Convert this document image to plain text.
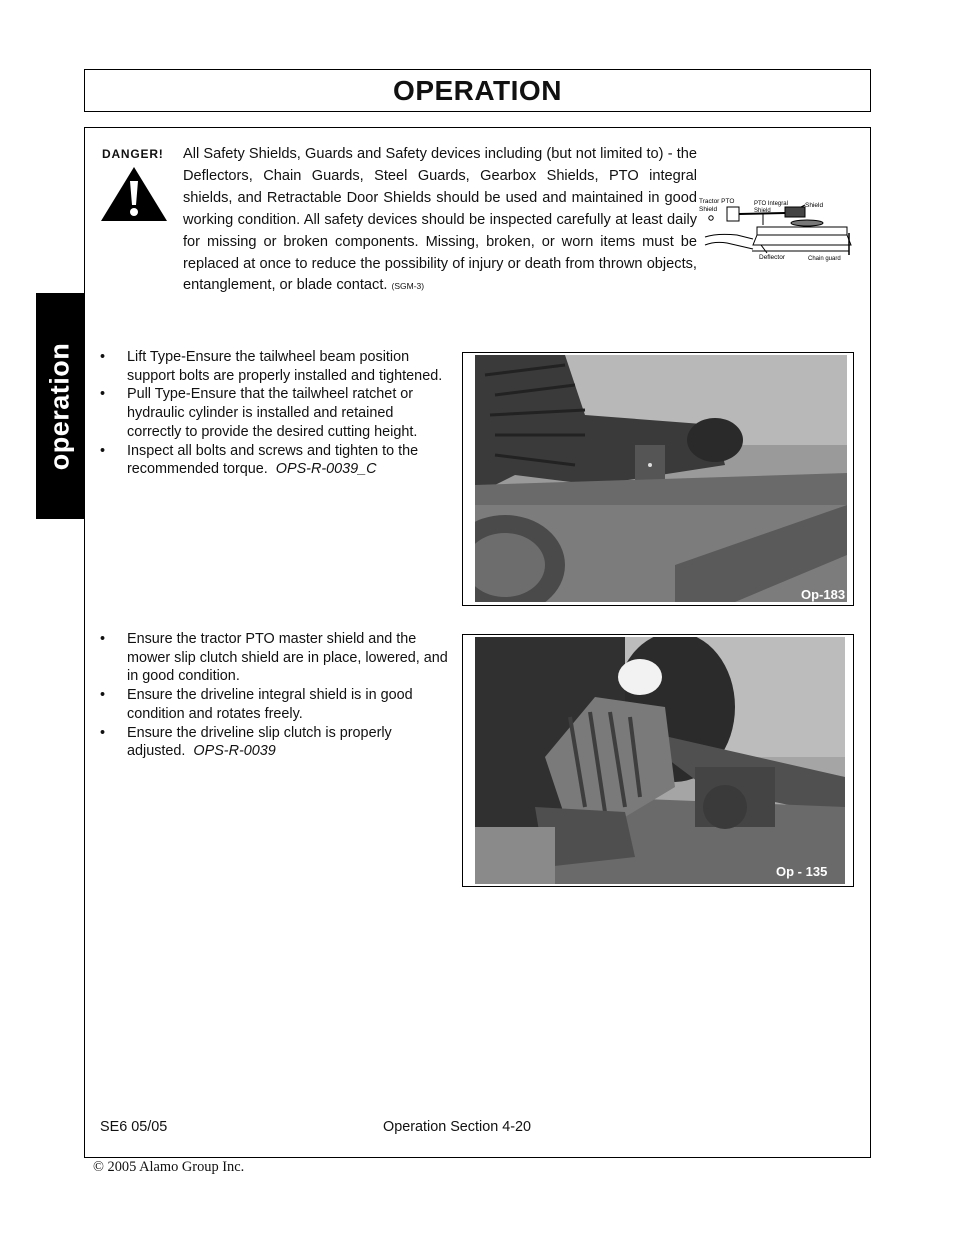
OPERATION
operation
DANGER! All Safety Shields, Guards and Safety devices including (but not limited to) - the Deflectors, Chain Guards, Steel Guards, Gearbox Shields, PTO integral shields, and Retractable Door Shields should be used and maintained in good working condition. All safety devices should be inspected carefully at least daily for missing or broken components. Missing, broken, or worn items must be replaced at once to reduce the possibility of injury or death from thrown objects, entanglement, or blade contact. (SGM-3)
Tractor PTO
Shield
PTO Integral
Shield
Shield
Deflector	Chain guard
• Lift Type-Ensure the tailwheel beam position support bolts are properly installed and tightened.
• Pull Type-Ensure that the tailwheel ratchet or hydraulic cylinder is installed and retained correctly to provide the desired cutting height.
• Inspect all bolts and screws and tighten to the recommended torque. OPS-R-0039_C
Op-183
• Ensure the tractor PTO master shield and the mower slip clutch shield are in place, lowered, and in good condition.
• Ensure the driveline integral shield is in good condition and rotates freely.
• Ensure the driveline slip clutch is properly adjusted. OPS-R-0039
Op - 135
SE6 05/05	Operation Section 4-20
© 2005 Alamo Group Inc.
